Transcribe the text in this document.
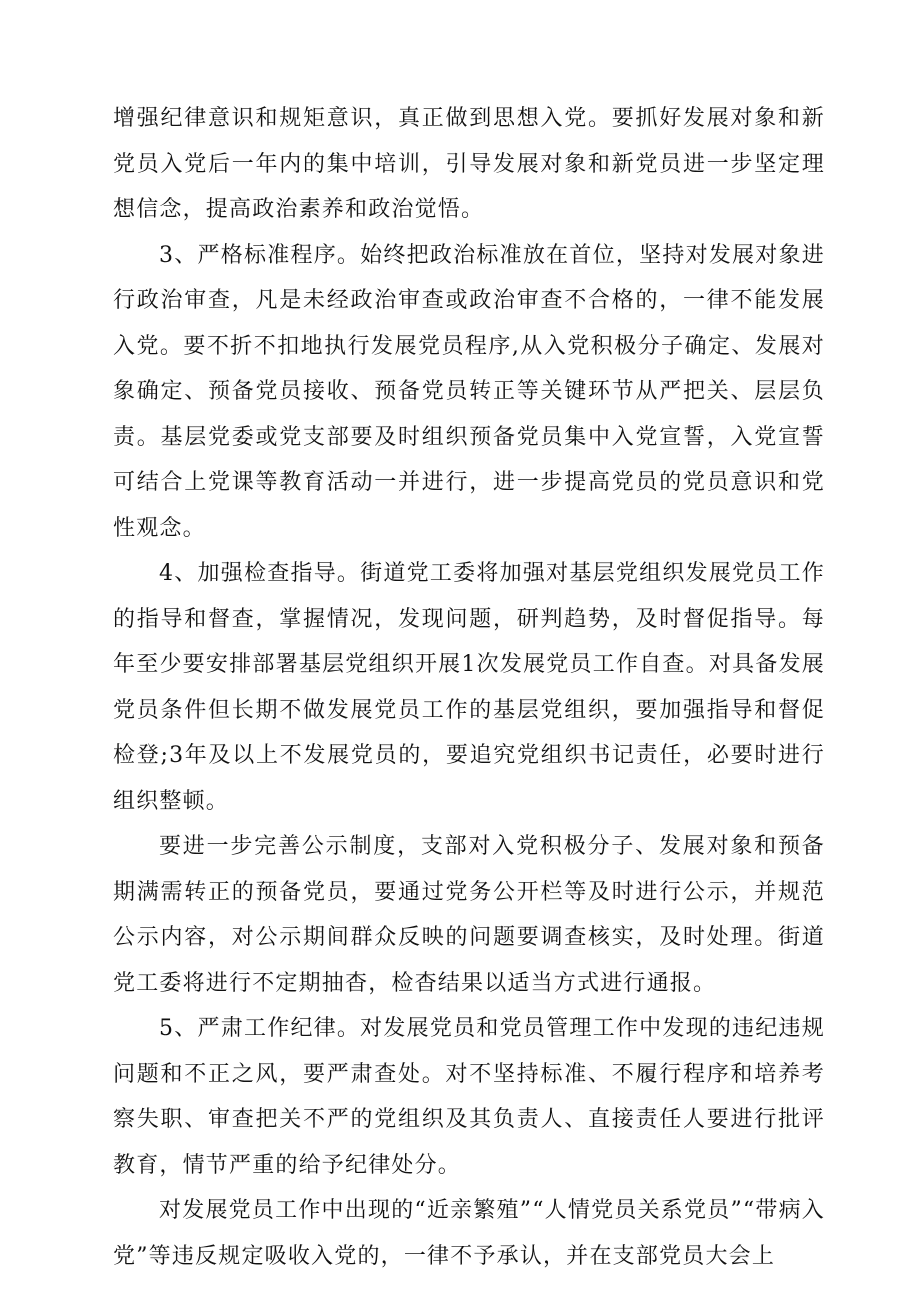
增强纪律意识和规矩意识，真正做到思想入党。要抓好发展对象和新党员入党后一年内的集中培训，引导发展对象和新党员进一步坚定理想信念，提高政治素养和政治觉悟。

3、严格标准程序。始终把政治标准放在首位，坚持对发展对象进行政治审查，凡是未经政治审查或政治审查不合格的，一律不能发展入党。要不折不扣地执行发展党员程序,从入党积极分子确定、发展对象确定、预备党员接收、预备党员转正等关键环节从严把关、层层负责。基层党委或党支部要及时组织预备党员集中入党宣誓，入党宣誓可结合上党课等教育活动一并进行，进一步提高党员的党员意识和党性观念。

4、加强检查指导。街道党工委将加强对基层党组织发展党员工作的指导和督查，掌握情况，发现问题，研判趋势，及时督促指导。每年至少要安排部署基层党组织开展1次发展党员工作自查。对具备发展党员条件但长期不做发展党员工作的基层党组织，要加强指导和督促检登;3年及以上不发展党员的，要追究党组织书记责任，必要时进行组织整顿。

要进一步完善公示制度，支部对入党积极分子、发展对象和预备期满需转正的预备党员，要通过党务公开栏等及时进行公示，并规范公示内容，对公示期间群众反映的问题要调查核实，及时处理。街道党工委将进行不定期抽杳，检杳结果以适当方式进行通报。

5、严肃工作纪律。对发展党员和党员管理工作中发现的违纪违规问题和不正之风，要严肃查处。对不坚持标准、不履行程序和培养考察失职、审查把关不严的党组织及其负责人、直接责任人要进行批评教育，情节严重的给予纪律处分。

对发展党员工作中出现的“近亲繁殖”“人情党员关系党员”“带病入党”等违反规定吸收入党的，一律不予承认，并在支部党员大会上
